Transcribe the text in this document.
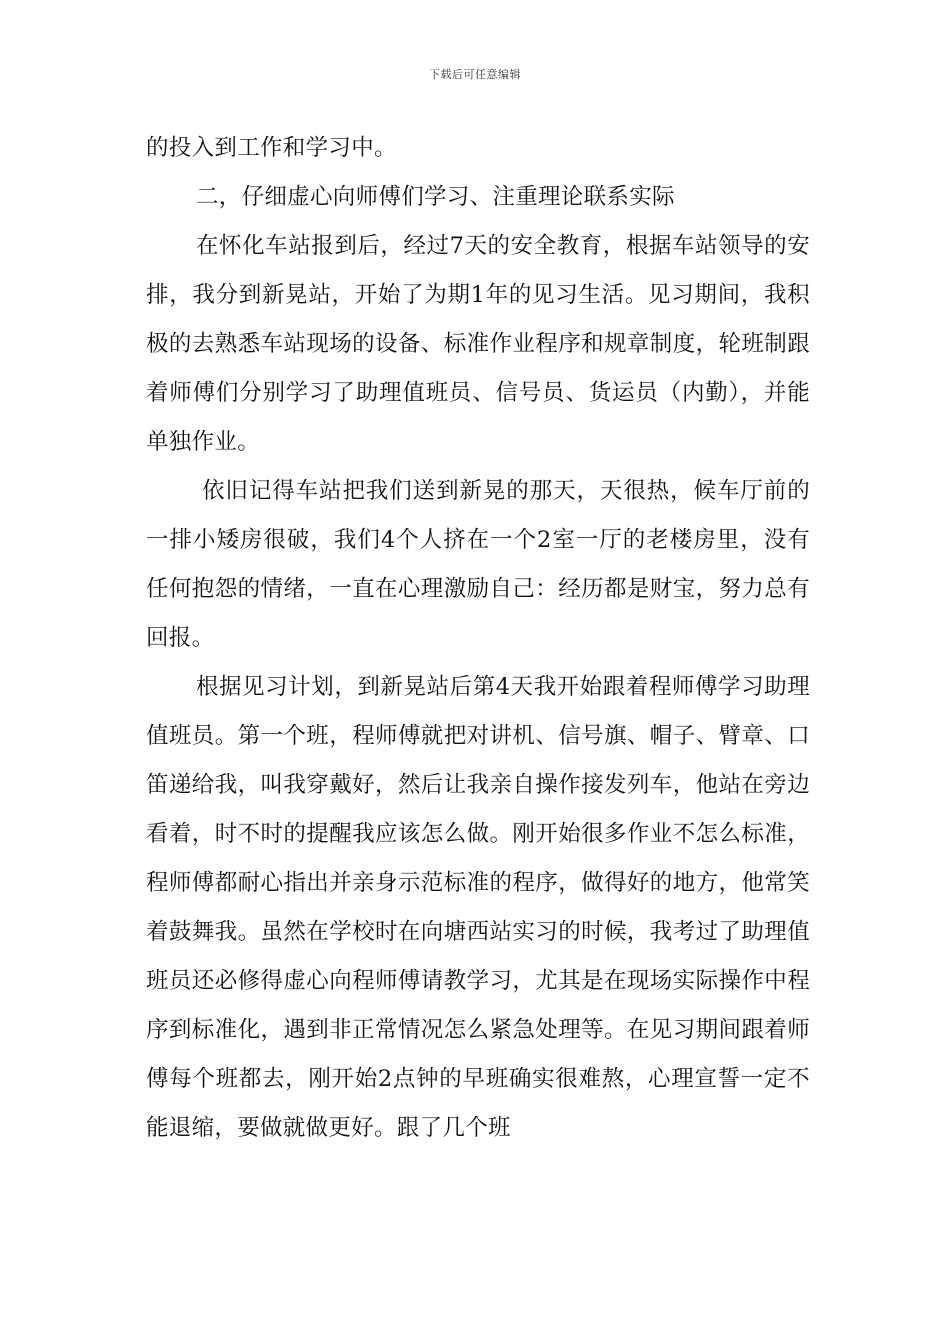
下载后可任意编辑

的投入到工作和学习中。

二，仔细虚心向师傅们学习、注重理论联系实际

在怀化车站报到后，经过7天的安全教育，根据车站领导的安排，我分到新晃站，开始了为期1年的见习生活。见习期间，我积极的去熟悉车站现场的设备、标准作业程序和规章制度，轮班制跟着师傅们分别学习了助理值班员、信号员、货运员（内勤），并能单独作业。

依旧记得车站把我们送到新晃的那天，天很热，候车厅前的一排小矮房很破，我们4个人挤在一个2室一厅的老楼房里，没有任何抱怨的情绪，一直在心理激励自己：经历都是财宝，努力总有回报。

根据见习计划，到新晃站后第4天我开始跟着程师傅学习助理值班员。第一个班，程师傅就把对讲机、信号旗、帽子、臂章、口笛递给我，叫我穿戴好，然后让我亲自操作接发列车，他站在旁边看着，时不时的提醒我应该怎么做。刚开始很多作业不怎么标准，程师傅都耐心指出并亲身示范标准的程序，做得好的地方，他常笑着鼓舞我。虽然在学校时在向塘西站实习的时候，我考过了助理值班员还必修得虚心向程师傅请教学习，尤其是在现场实际操作中程序到标准化，遇到非正常情况怎么紧急处理等。在见习期间跟着师傅每个班都去，刚开始2点钟的早班确实很难熬，心理宣誓一定不能退缩，要做就做更好。跟了几个班
